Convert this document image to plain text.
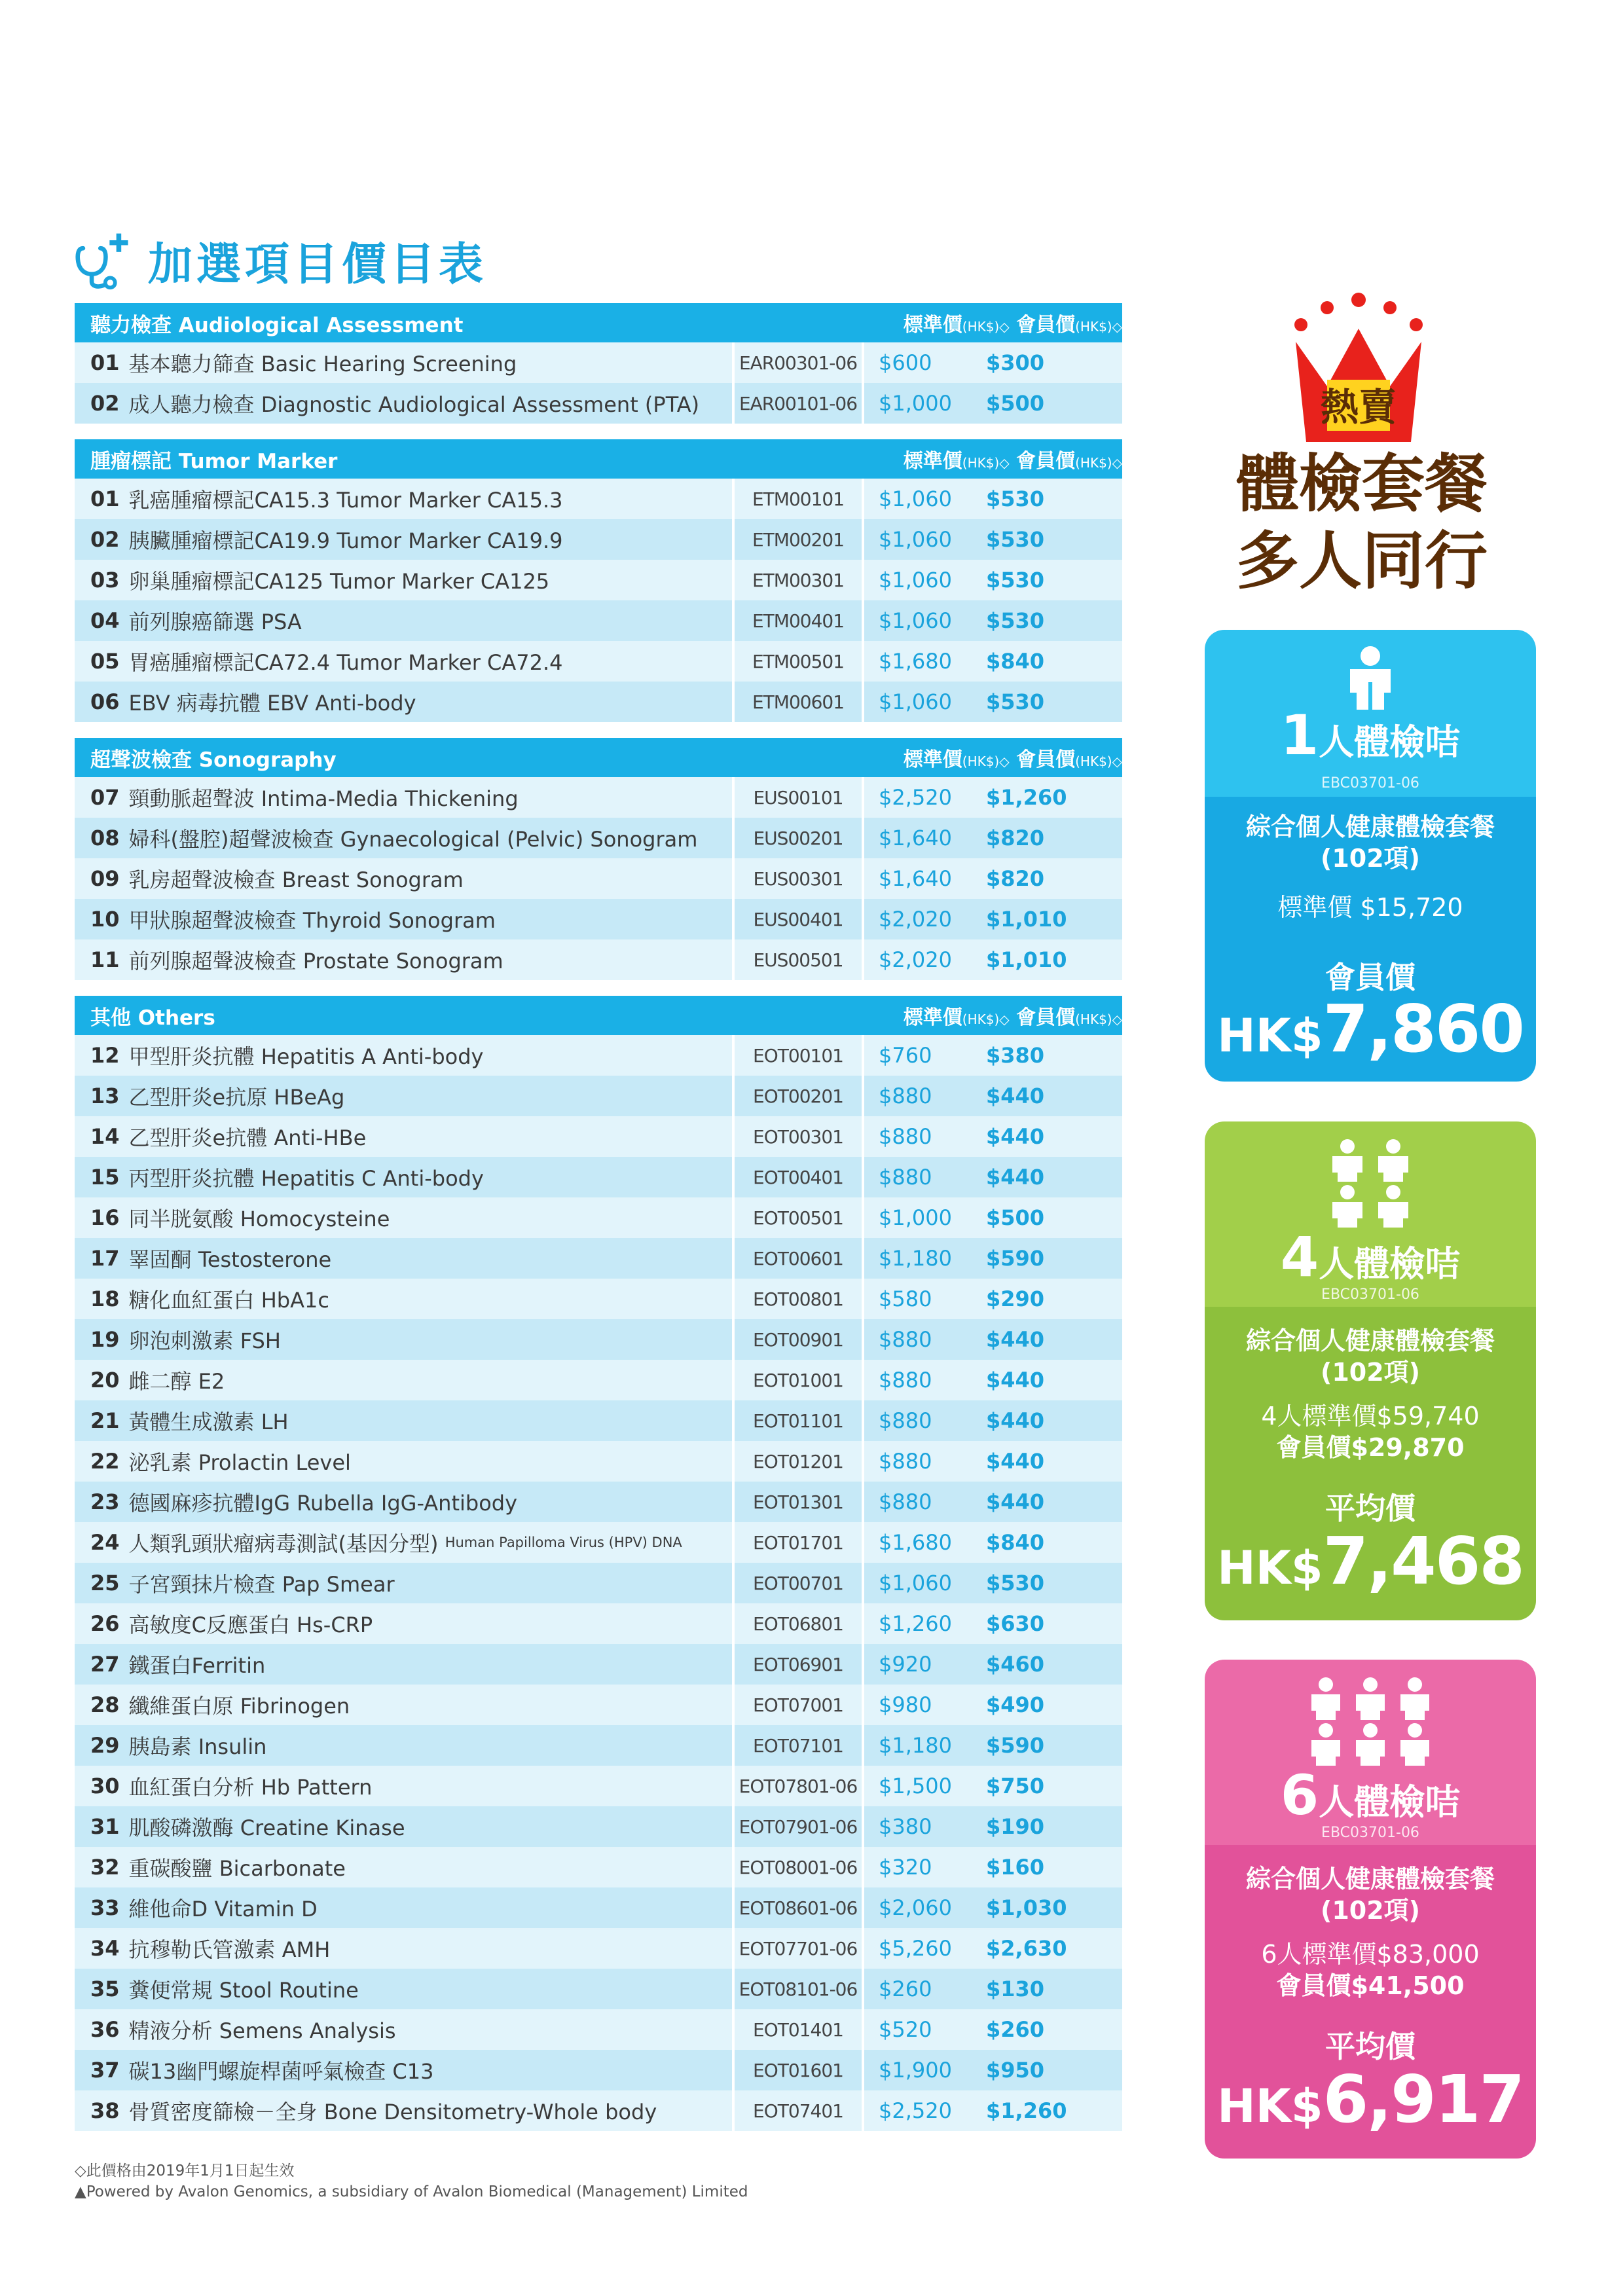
加選項目價目表
聽力檢查 Audiological Assessment	標準價(HK$)◇ 會員價(HK$)◇
01 基本聽力篩查 Basic Hearing Screening	EAR00301-06	$600	$300
02 成人聽力檢查 Diagnostic Audiological Assessment (PTA) EAR00101-06	$1,000	$500
腫瘤標記 Tumor Marker	標準價(HK$)◇ 會員價(HK$)◇
01 乳癌腫瘤標記CA15.3 Tumor Marker CA15.3	ETM00101	$1,060	$530
02 胰臟腫瘤標記CA19.9 Tumor Marker CA19.9	ETM00201	$1,060	$530
03 卵巢腫瘤標記CA125 Tumor Marker CA125	ETM00301	$1,060	$530
04 前列腺癌篩選 PSA	ETM00401	$1,060	$530
05 胃癌腫瘤標記CA72.4 Tumor Marker CA72.4	ETM00501	$1,680	$840
06 EBV 病毒抗體 EBV Anti-body	ETM00601	$1,060	$530
超聲波檢查 Sonography	標準價(HK$)◇ 會員價(HK$)◇
07 頸動脈超聲波 Intima-Media Thickening	EUS00101	$2,520	$1,260
08 婦科(盤腔)超聲波檢查 Gynaecological (Pelvic) Sonogram	EUS00201	$1,640	$820
09 乳房超聲波檢查 Breast Sonogram	EUS00301	$1,640	$820
10 甲狀腺超聲波檢查 Thyroid Sonogram	EUS00401	$2,020	$1,010
11 前列腺超聲波檢查 Prostate Sonogram	EUS00501	$2,020	$1,010
其他 Others	標準價(HK$)◇ 會員價(HK$)◇
12 甲型肝炎抗體 Hepatitis A Anti-body	EOT00101	$760	$380
13 乙型肝炎e抗原 HBeAg	EOT00201	$880	$440
14 乙型肝炎e抗體 Anti-HBe	EOT00301	$880	$440
15 丙型肝炎抗體 Hepatitis C Anti-body	EOT00401	$880	$440
16 同半胱氨酸 Homocysteine	EOT00501	$1,000	$500
17 睪固酮 Testosterone	EOT00601	$1,180	$590
18 糖化血紅蛋白 HbA1c	EOT00801	$580	$290
19 卵泡刺激素 FSH	EOT00901	$880	$440
20 雌二醇 E2	EOT01001	$880	$440
21 黃體生成激素 LH	EOT01101	$880	$440
22 泌乳素 Prolactin Level	EOT01201	$880	$440
23 德國麻疹抗體IgG Rubella IgG-Antibody	EOT01301	$880	$440
24 人類乳頭狀瘤病毒測試(基因分型)
Human Papilloma Virus (HPV) DNA	EOT01701	$1,680	$840
25 子宮頸抹片檢查 Pap Smear	EOT00701	$1,060	$530
26 高敏度C反應蛋白 Hs-CRP	EOT06801	$1,260	$630
27 鐵蛋白Ferritin	EOT06901	$920	$460
28 纖維蛋白原 Fibrinogen	EOT07001	$980	$490
29 胰島素 Insulin	EOT07101	$1,180	$590
30 血紅蛋白分析 Hb Pattern	EOT07801-06	$1,500	$750
31 肌酸磷激酶 Creatine Kinase	EOT07901-06	$380	$190
32 重碳酸鹽 Bicarbonate	EOT08001-06	$320	$160
33 維他命D Vitamin D	EOT08601-06	$2,060	$1,030
34 抗穆勒氏管激素 AMH	EOT07701-06	$5,260	$2,630
35 糞便常規 Stool Routine	EOT08101-06	$260	$130
36 精液分析 Semens Analysis	EOT01401	$520	$260
37 碳13幽門螺旋桿菌呼氣檢查 C13	EOT01601	$1,900	$950
38 骨質密度篩檢－全身 Bone Densitometry-Whole body	EOT07401	$2,520	$1,260
◇此價格由2019年1月1日起生效
▲Powered by Avalon Genomics, a subsidiary of Avalon Biomedical (Management) Limited
熱賣
體檢套餐
多人同行
1人體檢咭
EBC03701-06
綜合個人健康體檢套餐
(102項)
標準價 $15,720
會員價
HK$7,860
4人體檢咭
EBC03701-06
綜合個人健康體檢套餐
(102項)
4人標準價$59,740
會員價$29,870
平均價
HK$7,468
6人體檢咭
EBC03701-06
綜合個人健康體檢套餐
(102項)
6人標準價$83,000
會員價$41,500
平均價
HK$6,917
